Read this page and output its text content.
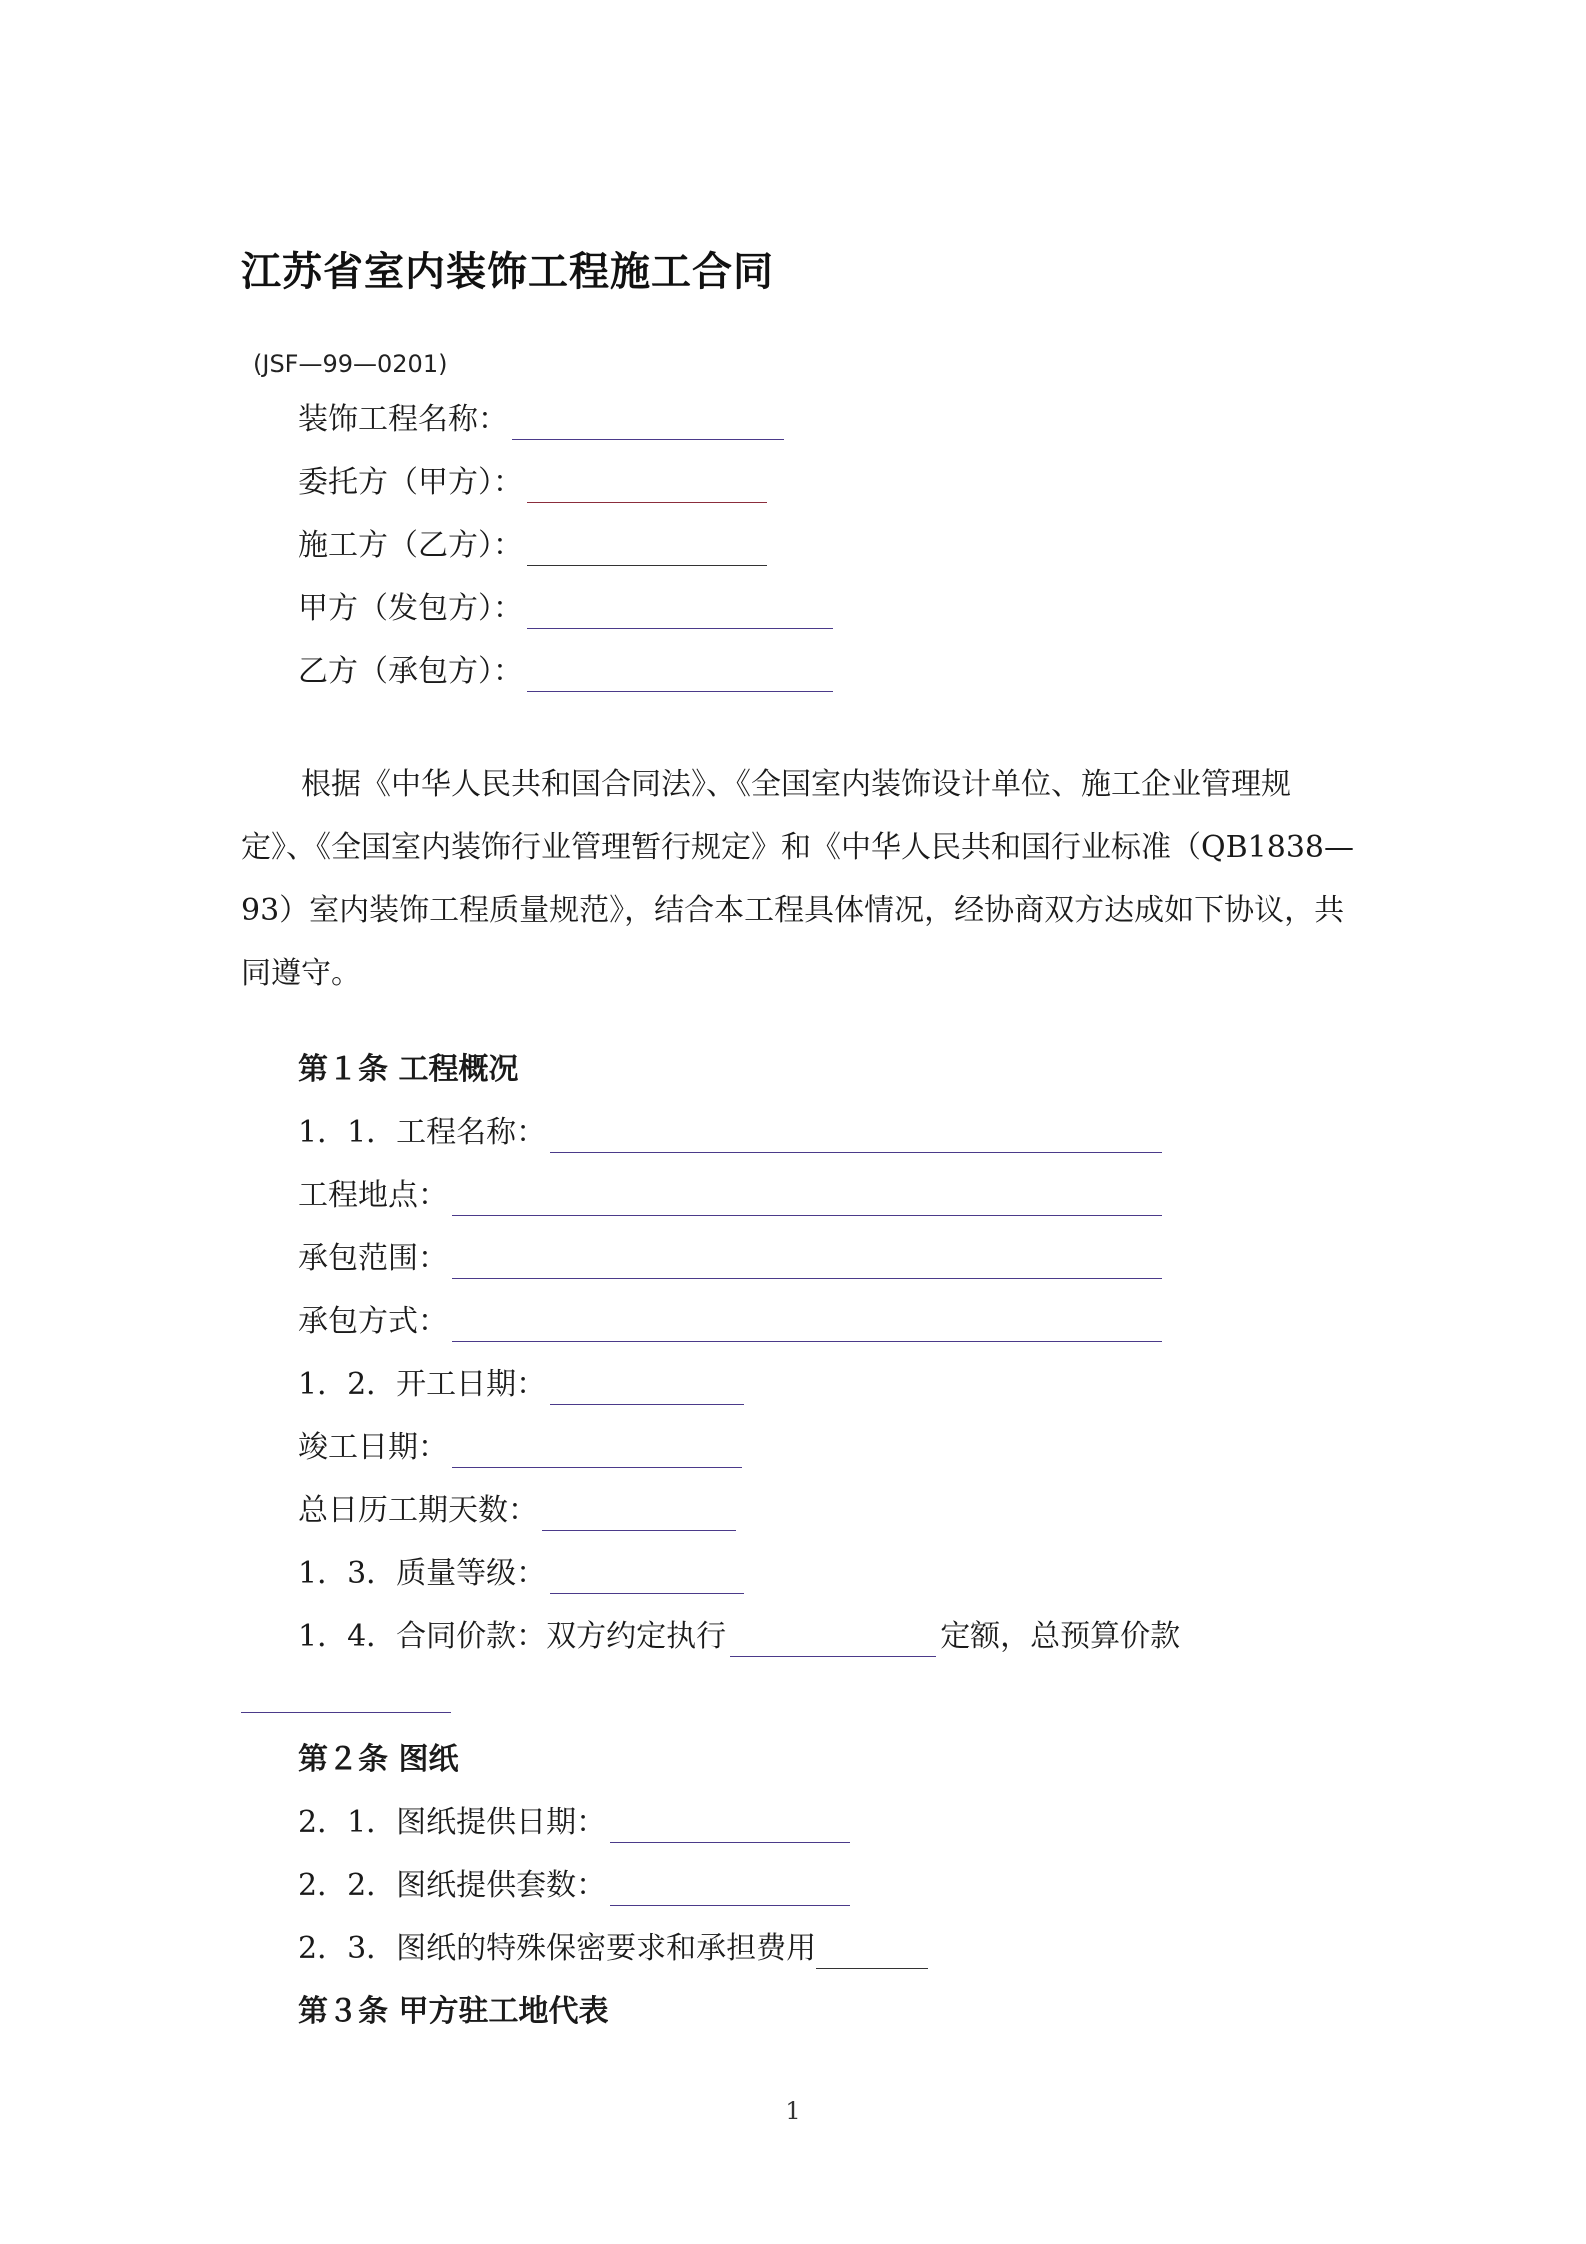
江苏省室内装饰工程施工合同
(JSF—99—0201)
装饰工程名称：
委托方（甲方）：
施工方（乙方）：
甲方（发包方）：
乙方（承包方）：
根据《中华人民共和国合同法》、《全国室内装饰设计单位、施工企业管理规定》、《全国室内装饰行业管理暂行规定》和《中华人民共和国行业标准（QB1838—93）室内装饰工程质量规范》，结合本工程具体情况，经协商双方达成如下协议，共同遵守。
第１条 工程概况
1．1．工程名称：
工程地点：
承包范围：
承包方式：
1．2．开工日期：
竣工日期：
总日历工期天数：
1．3．质量等级：
1．4．合同价款：双方约定执行	定额，总预算价款
第２条 图纸
2．1．图纸提供日期：
2．2．图纸提供套数：
2．3．图纸的特殊保密要求和承担费用
第３条 甲方驻工地代表
1
